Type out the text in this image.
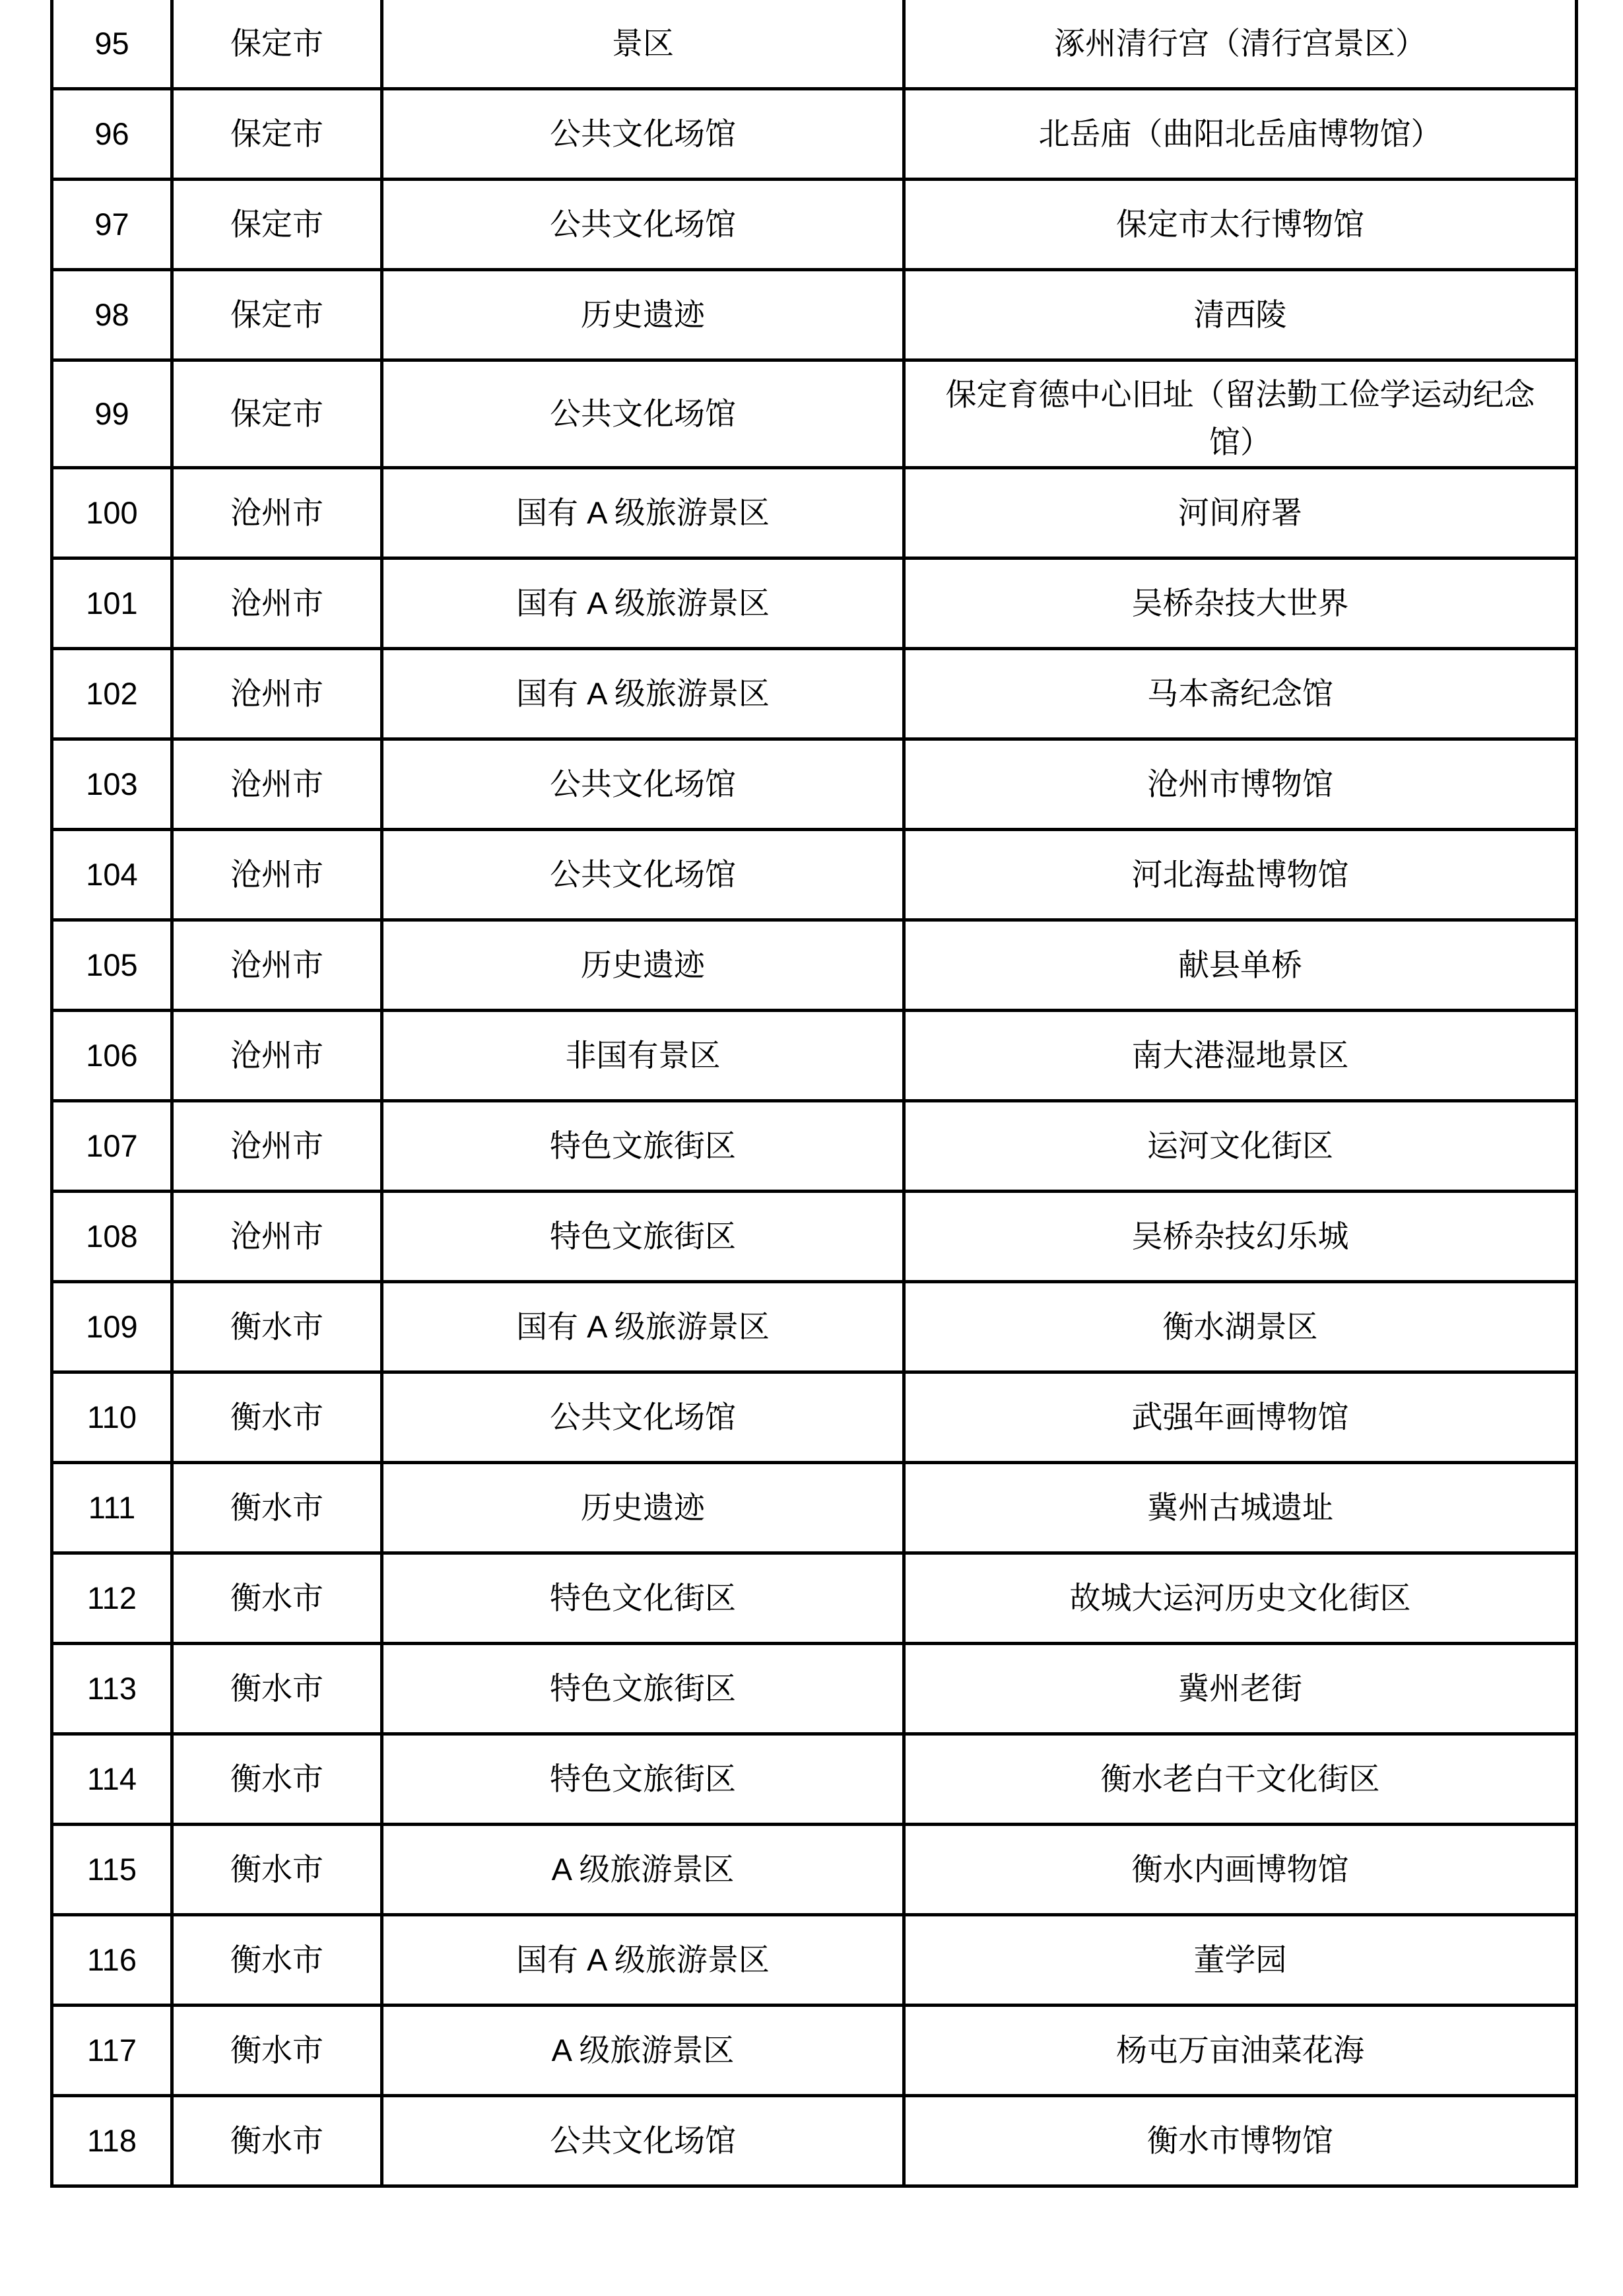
95	保定市	景区	涿州清行宫（清行宫景区）
96	保定市	公共文化场馆	北岳庙（曲阳北岳庙博物馆）
97	保定市	公共文化场馆	保定市太行博物馆
98	保定市	历史遗迹	清西陵
99	保定市	公共文化场馆	保定育德中心旧址（留法勤工俭学运动纪念馆）
100	沧州市	国有 A 级旅游景区	河间府署
101	沧州市	国有 A 级旅游景区	吴桥杂技大世界
102	沧州市	国有 A 级旅游景区	马本斋纪念馆
103	沧州市	公共文化场馆	沧州市博物馆
104	沧州市	公共文化场馆	河北海盐博物馆
105	沧州市	历史遗迹	献县单桥
106	沧州市	非国有景区	南大港湿地景区
107	沧州市	特色文旅街区	运河文化街区
108	沧州市	特色文旅街区	吴桥杂技幻乐城
109	衡水市	国有 A 级旅游景区	衡水湖景区
110	衡水市	公共文化场馆	武强年画博物馆
111	衡水市	历史遗迹	冀州古城遗址
112	衡水市	特色文化街区	故城大运河历史文化街区
113	衡水市	特色文旅街区	冀州老街
114	衡水市	特色文旅街区	衡水老白干文化街区
115	衡水市	A 级旅游景区	衡水内画博物馆
116	衡水市	国有 A 级旅游景区	董学园
117	衡水市	A 级旅游景区	杨屯万亩油菜花海
118	衡水市	公共文化场馆	衡水市博物馆
